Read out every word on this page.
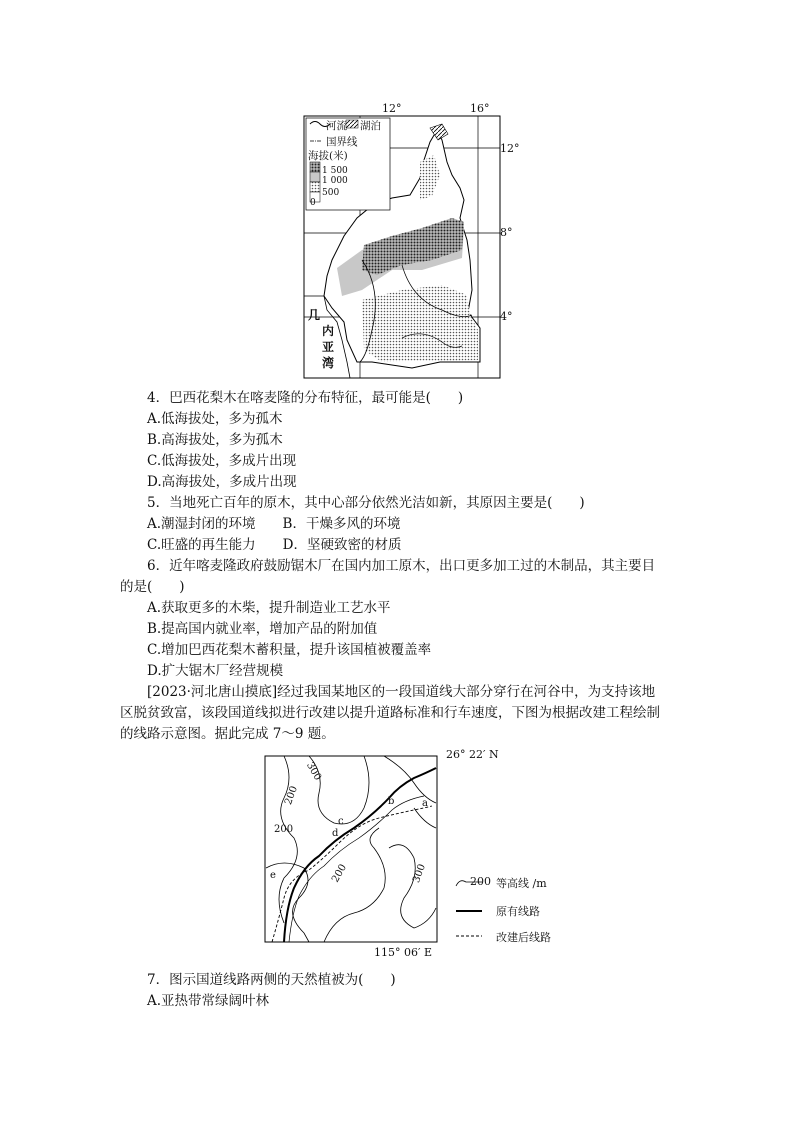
12°	16°
河流 湖泊
国界线
海拔(米)
1 500
1 000
500
0
12°
8°
4°
几
内
亚
湾
4．巴西花梨木在喀麦隆的分布特征，最可能是(　　)
A.低海拔处，多为孤木
B.高海拔处，多为孤木
C.低海拔处，多成片出现
D.高海拔处，多成片出现
5．当地死亡百年的原木，其中心部分依然光洁如新，其原因主要是(　　)
A.潮湿封闭的环境　　B．干燥多风的环境
C.旺盛的再生能力　　D．坚硬致密的材质
6．近年喀麦隆政府鼓励锯木厂在国内加工原木，出口更多加工过的木制品，其主要目
的是(　　)
A.获取更多的木柴，提升制造业工艺水平
B.提高国内就业率，增加产品的附加值
C.增加巴西花梨木蓄积量，提升该国植被覆盖率
D.扩大锯木厂经营规模
[2023·河北唐山摸底]经过我国某地区的一段国道线大部分穿行在河谷中，为支持该地
区脱贫致富，该段国道线拟进行改建以提升道路标准和行车速度，下图为根据改建工程绘制
的线路示意图。据此完成 7～9 题。
26° 22′ N
115° 06′ E
300
200
200
200	300
a
b
c
d
e	200 等高线 /m
原有线路
改建后线路
7．图示国道线路两侧的天然植被为(　　)
A.亚热带常绿阔叶林
